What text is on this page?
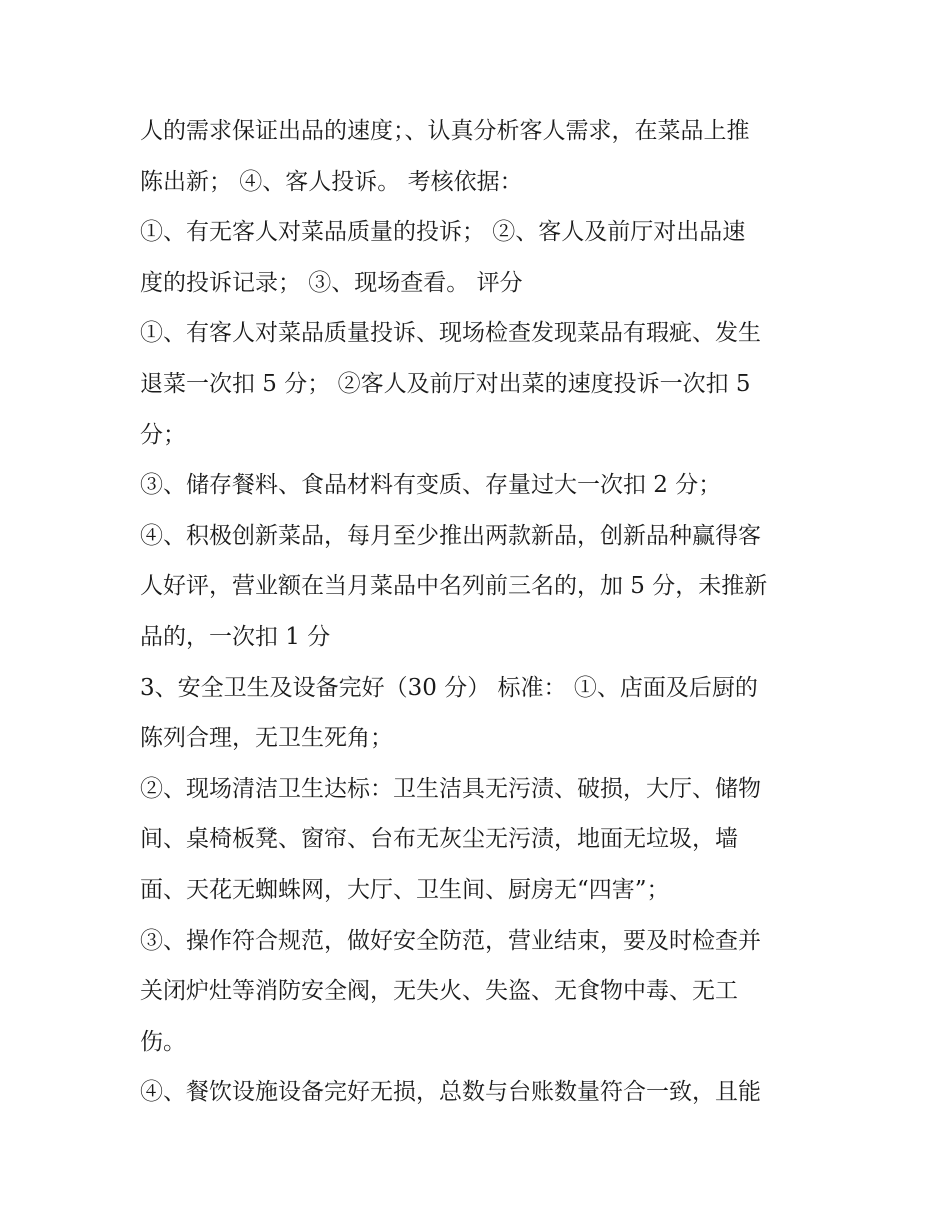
人的需求保证出品的速度；、认真分析客人需求，在菜品上推
陈出新； ④、客人投诉。 考核依据：
①、有无客人对菜品质量的投诉； ②、客人及前厅对出品速
度的投诉记录； ③、现场查看。 评分
①、有客人对菜品质量投诉、现场检查发现菜品有瑕疵、发生
退菜一次扣 5 分； ②客人及前厅对出菜的速度投诉一次扣 5
分；
③、储存餐料、食品材料有变质、存量过大一次扣 2 分；
④、积极创新菜品，每月至少推出两款新品，创新品种赢得客
人好评，营业额在当月菜品中名列前三名的，加 5 分，未推新
品的，一次扣 1 分
3、安全卫生及设备完好（30 分） 标准： ①、店面及后厨的
陈列合理，无卫生死角；
②、现场清洁卫生达标：卫生洁具无污渍、破损，大厅、储物
间、桌椅板凳、窗帘、台布无灰尘无污渍，地面无垃圾，墙
面、天花无蜘蛛网，大厅、卫生间、厨房无“四害”；
③、操作符合规范，做好安全防范，营业结束，要及时检查并
关闭炉灶等消防安全阀，无失火、失盗、无食物中毒、无工
伤。
④、餐饮设施设备完好无损，总数与台账数量符合一致，且能
